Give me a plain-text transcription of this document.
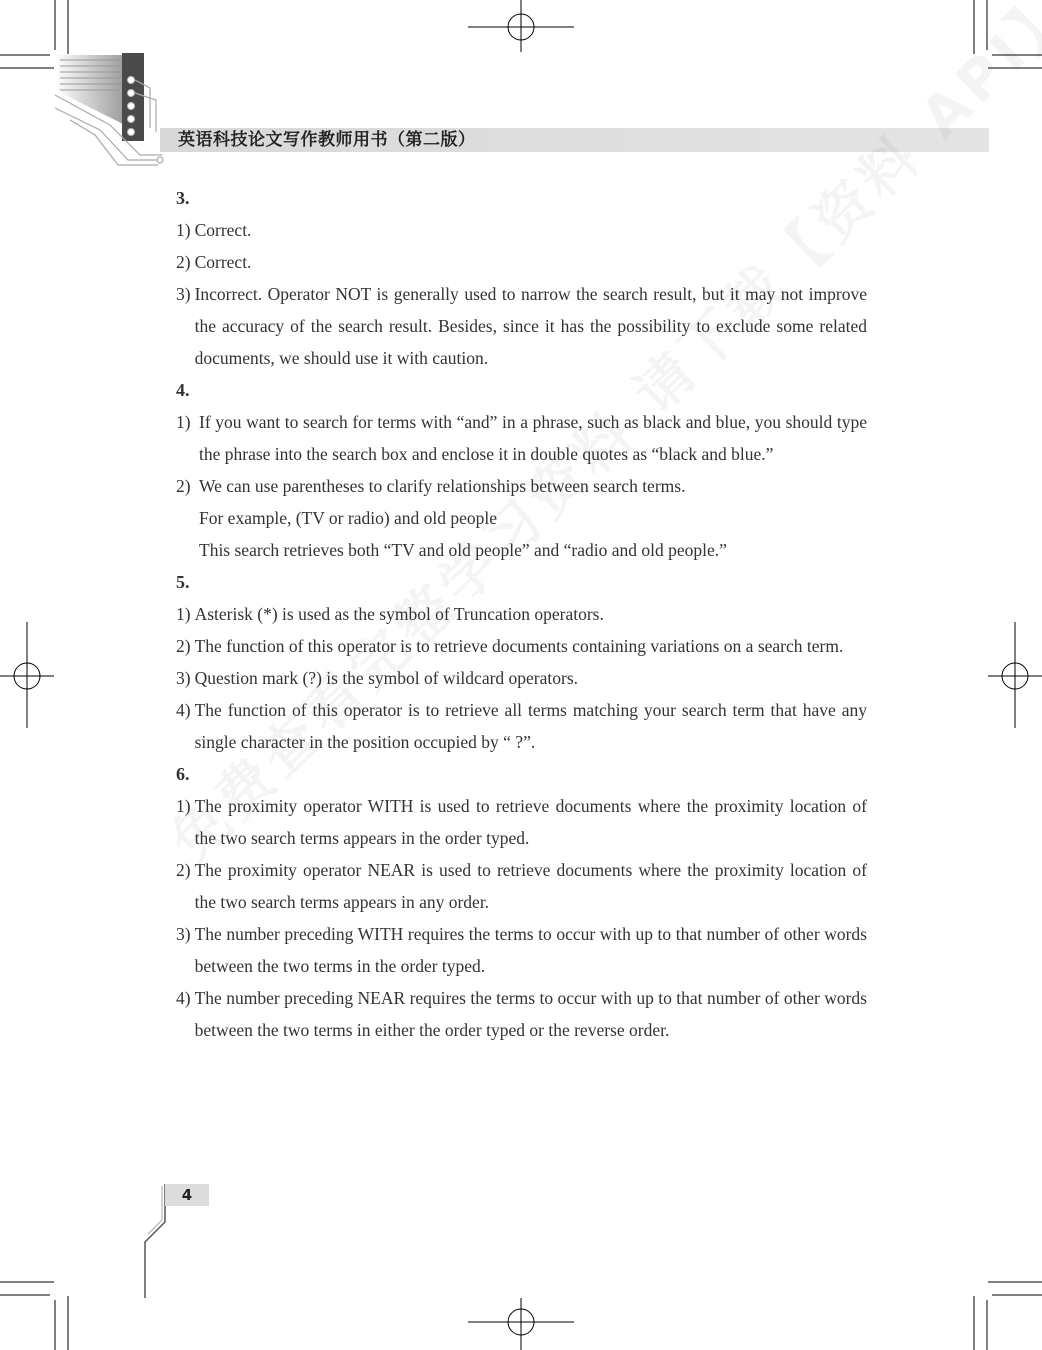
英语科技论文写作教师用书（第二版）
3.
1) Correct.
2) Correct.
3) Incorrect. Operator NOT is generally used to narrow the search result, but it may not improve the accuracy of the search result. Besides, since it has the possibility to exclude some related documents, we should use it with caution.
4.
1) If you want to search for terms with “and” in a phrase, such as black and blue, you should type the phrase into the search box and enclose it in double quotes as “black and blue.”
2) We can use parentheses to clarify relationships between search terms.
For example, (TV or radio) and old people
This search retrieves both “TV and old people” and “radio and old people.”
5.
1) Asterisk (*) is used as the symbol of Truncation operators.
2) The function of this operator is to retrieve documents containing variations on a search term.
3) Question mark (?) is the symbol of wildcard operators.
4) The function of this operator is to retrieve all terms matching your search term that have any single character in the position occupied by “ ?”.
6.
1) The proximity operator WITH is used to retrieve documents where the proximity location of the two search terms appears in the order typed.
2) The proximity operator NEAR is used to retrieve documents where the proximity location of the two search terms appears in any order.
3) The number preceding WITH requires the terms to occur with up to that number of other words between the two terms in the order typed.
4) The number preceding NEAR requires the terms to occur with up to that number of other words between the two terms in either the order typed or the reverse order.
4
